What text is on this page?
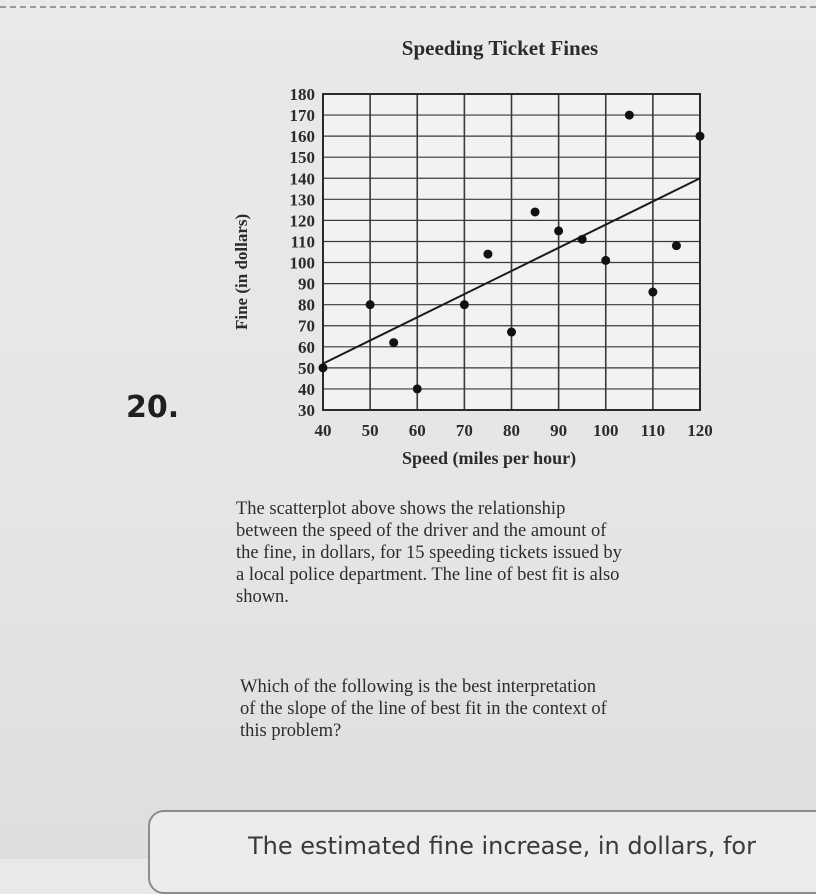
20.
Speeding Ticket Fines
30
40
50
60
70
80
90
100
110
120
130
140
150
160
170
180
40 50 60 70 80 90 100 110 120
Fine (in dollars)
Speed (miles per hour)
The scatterplot above shows the relationship
between the speed of the driver and the amount of
the fine, in dollars, for 15 speeding tickets issued by
a local police department. The line of best fit is also
shown.
Which of the following is the best interpretation
of the slope of the line of best fit in the context of
this problem?
The estimated fine increase, in dollars, for
